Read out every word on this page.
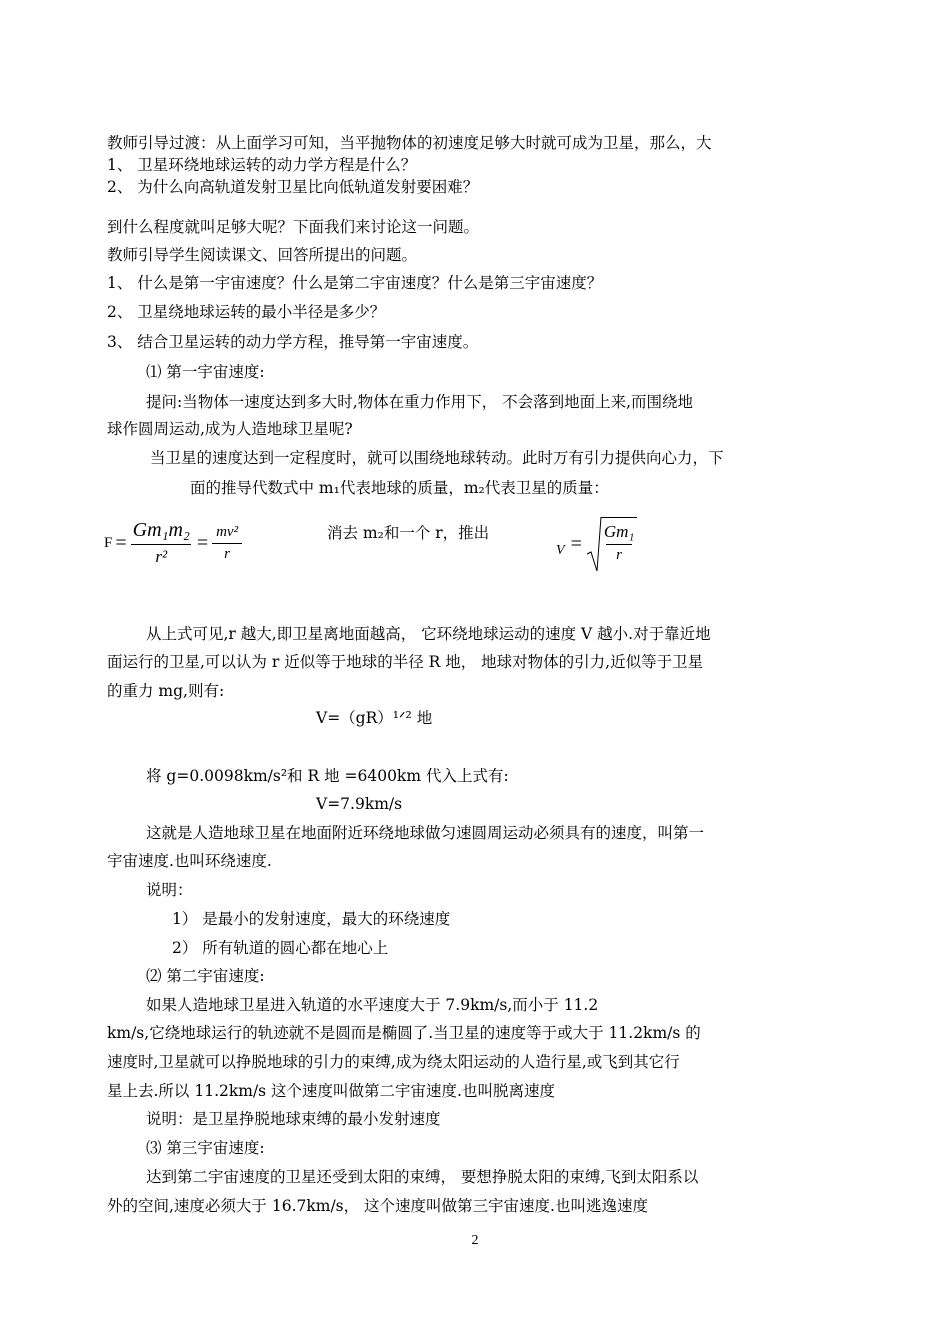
教师引导过渡：从上面学习可知，当平抛物体的初速度足够大时就可成为卫星，那么，大
1、 卫星环绕地球运转的动力学方程是什么？
2、 为什么向高轨道发射卫星比向低轨道发射要困难？
到什么程度就叫足够大呢？下面我们来讨论这一问题。
教师引导学生阅读课文、回答所提出的问题。
1、 什么是第一宇宙速度？什么是第二宇宙速度？什么是第三宇宙速度？
2、 卫星绕地球运转的最小半径是多少？
3、 结合卫星运转的动力学方程，推导第一宇宙速度。
⑴ 第一宇宙速度:
提问:当物体一速度达到多大时,物体在重力作用下， 不会落到地面上来,而围绕地
球作圆周运动,成为人造地球卫星呢?
当卫星的速度达到一定程度时，就可以围绕地球转动。此时万有引力提供向心力，下
面的推导代数式中 m₁代表地球的质量，m₂代表卫星的质量：
$F = \frac{\text{Gm₁m₂}}{\text{r²}} = \frac{\text{mv²}}{r}$	消去 m₂和一个 r，推出
$V = \frac{\text{Gm₁}}{r}$
从上式可见,r 越大,即卫星离地面越高， 它环绕地球运动的速度 V 越小.对于靠近地
面运行的卫星,可以认为 r 近似等于地球的半径 R 地， 地球对物体的引力,近似等于卫星
的重力 mg,则有:
V=（gR）¹ᐟ² 地
将 g=0.0098km/s²和 R 地 =6400km 代入上式有:
V=7.9km/s
这就是人造地球卫星在地面附近环绕地球做匀速圆周运动必须具有的速度，叫第一
宇宙速度.也叫环绕速度.
说明：
1） 是最小的发射速度，最大的环绕速度
2） 所有轨道的圆心都在地心上
⑵ 第二宇宙速度:
如果人造地球卫星进入轨道的水平速度大于 7.9km/s,而小于 11.2
km/s,它绕地球运行的轨迹就不是圆而是椭圆了.当卫星的速度等于或大于 11.2km/s 的
速度时,卫星就可以挣脱地球的引力的束缚,成为绕太阳运动的人造行星,或飞到其它行
星上去.所以 11.2km/s 这个速度叫做第二宇宙速度.也叫脱离速度
说明：是卫星挣脱地球束缚的最小发射速度
⑶ 第三宇宙速度:
达到第二宇宙速度的卫星还受到太阳的束缚， 要想挣脱太阳的束缚,飞到太阳系以
外的空间,速度必须大于 16.7km/s， 这个速度叫做第三宇宙速度.也叫逃逸速度
2
